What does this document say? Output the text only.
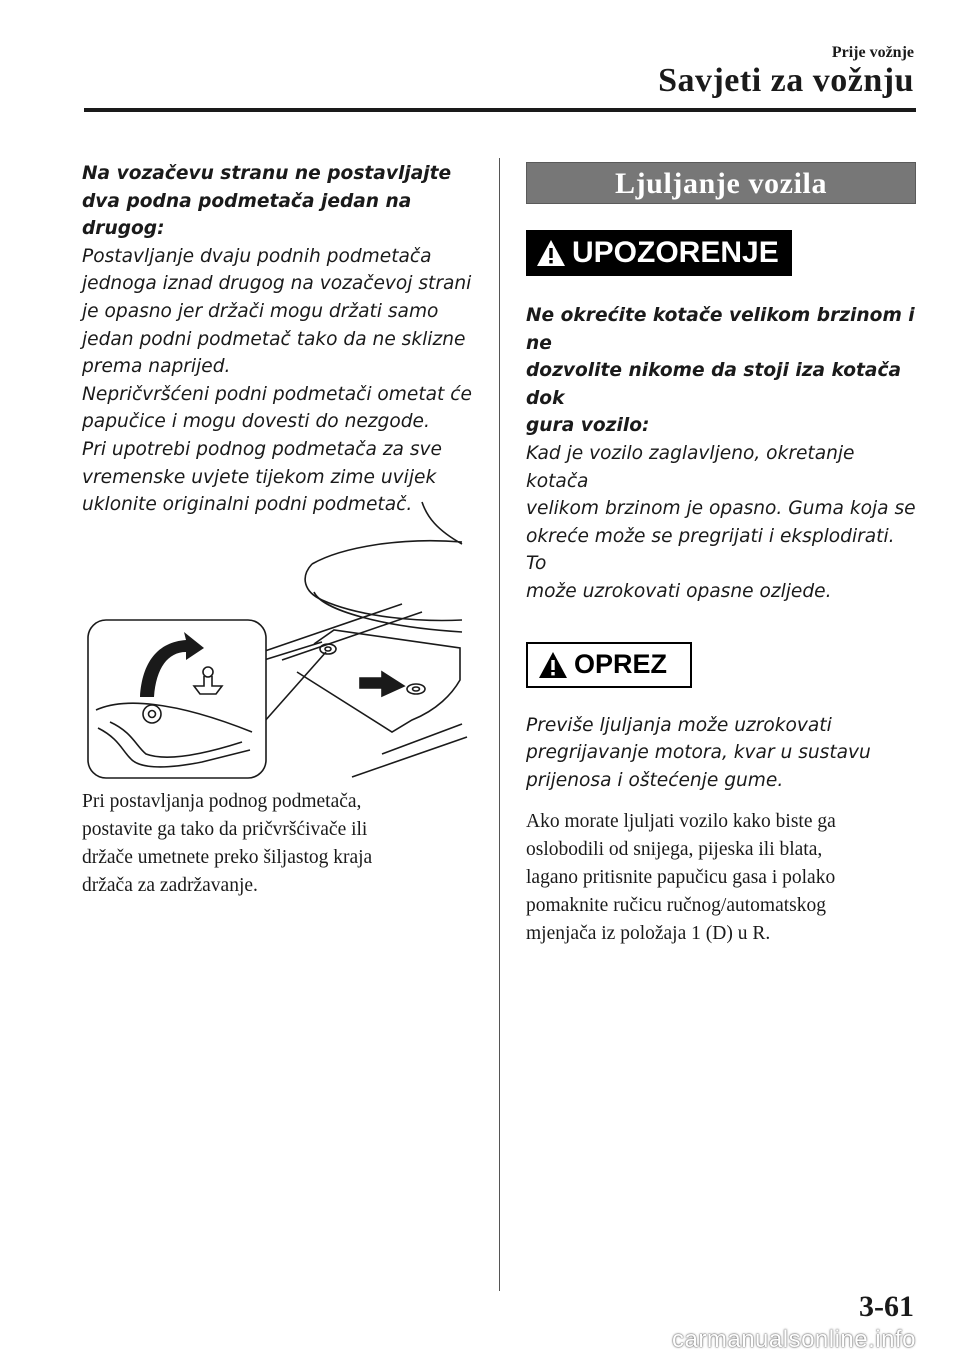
Prije vožnje
Savjeti za vožnju

Na vozačevu stranu ne postavljajte dva podna podmetača jedan na drugog:

Postavljanje dvaju podnih podmetača

jednoga iznad drugog na vozačevoj strani

je opasno jer držači mogu držati samo

jedan podni podmetač tako da ne sklizne

prema naprijed.

Nepričvršćeni podni podmetači ometat će

papučice i mogu dovesti do nezgode.

Pri upotrebi podnog podmetača za sve

vremenske uvjete tijekom zime uvijek

uklonite originalni podni podmetač.

Pri postavljanja podnog podmetača,

postavite ga tako da pričvršćivače ili

držače umetnete preko šiljastog kraja

držača za zadržavanje.

Ljuljanje vozila
UPOZORENJE

Ne okrećite kotače velikom brzinom i ne

dozvolite nikome da stoji iza kotača dok

gura vozilo:

Kad je vozilo zaglavljeno, okretanje kotača

velikom brzinom je opasno. Guma koja se

okreće može se pregrijati i eksplodirati. To

može uzrokovati opasne ozljede.

OPREZ

Previše ljuljanja može uzrokovati

pregrijavanje motora, kvar u sustavu

prijenosa i oštećenje gume.

Ako morate ljuljati vozilo kako biste ga

oslobodili od snijega, pijeska ili blata,

lagano pritisnite papučicu gasa i polako

pomaknite ručicu ručnog/automatskog

mjenjača iz položaja 1 (D) u R.

3-61
carmanualsonline.info
